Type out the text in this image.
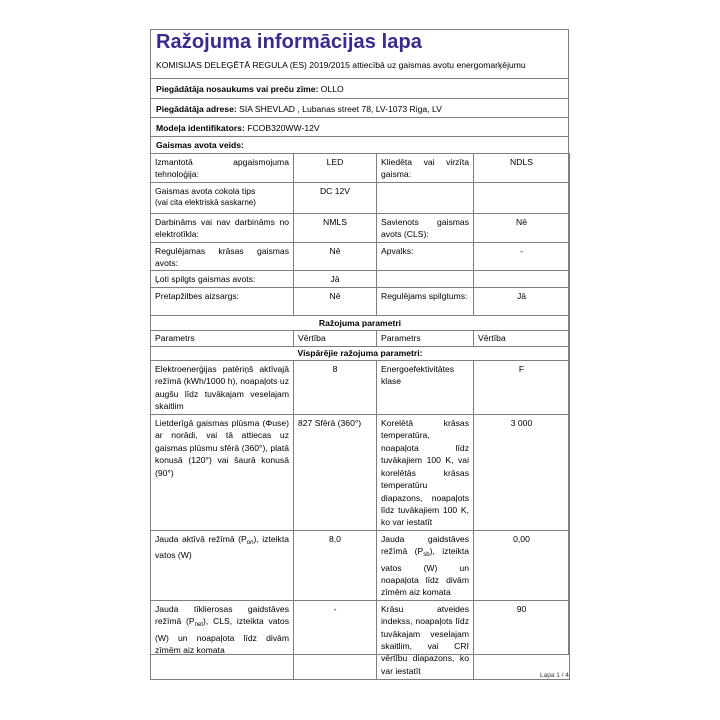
Ražojuma informācijas lapa
KOMISIJAS DELEĢĒTĀ REGULA (ES) 2019/2015 attiecībā uz gaismas avotu energomarķējumu
Piegādātāja nosaukums vai preču zīme: OLLO
Piegādātāja adrese: SIA SHEVLAD , Lubanas street 78, LV-1073 Riga, LV
Modeļa identifikators: FCOB320WW-12V
Gaismas avota veids:
Izmantotā apgaismojuma tehnoloģija:	LED	Kliedēta vai virzīta gaisma:	NDLS

Gaismas avota cokola tips
(vai cita elektriskā saskarne)	DC 12V		
Darbināms vai nav darbināms no elektrotīkla:	NMLS	Savienots gaismas avots (CLS):	Nē
Regulējamas krāsas gaismas avots:	Nē	Apvalks:	-
Ļoti spilgts gaismas avots:	Jā		
Pretapžilbes aizsargs:	Nē	Regulējams spilgtums:	Jā
Ražojuma parametri			
Parametrs	Vērtība	Parametrs	Vērtība
Vispārējie ražojuma parametri:			
Elektroenerģijas patēriņš aktīvajā režīmā (kWh/1000 h), noapaļots uz augšu līdz tuvākajam veselajam skaitlim	8	Energoefektivitātes klase	F
Lietderīgā gaismas plūsma (Φuse) ar norādi, vai tā attiecas uz gaismas plūsmu sfērā (360°), platā konusā (120°) vai šaurā konusā (90°)	827 Sfērā (360°)	Korelētā krāsas temperatūra, noapaļota līdz tuvākajiem 100 K, vai korelētās krāsas temperatūru diapazons, noapaļots līdz tuvākajiem 100 K, ko var iestatīt	3 000
Jauda aktīvā režīmā $(P_{on})$, izteikta vatos (W)	8,0	Jauda gaidstāves režīmā $(P_{sb})$, izteikta vatos (W) un noapaļota līdz divām zīmēm aiz komata	0,00
Jauda tīklierosas gaidstāves režīmā $(P_{net})$, CLS, izteikta vatos (W) un noapaļota līdz divām zīmēm aiz komata	-	Krāsu atveides indekss, noapaļots līdz tuvākajam veselajam skaitlim, vai CRI vērtību diapazons, ko var iestatīt	90
Lapa 1 / 4
